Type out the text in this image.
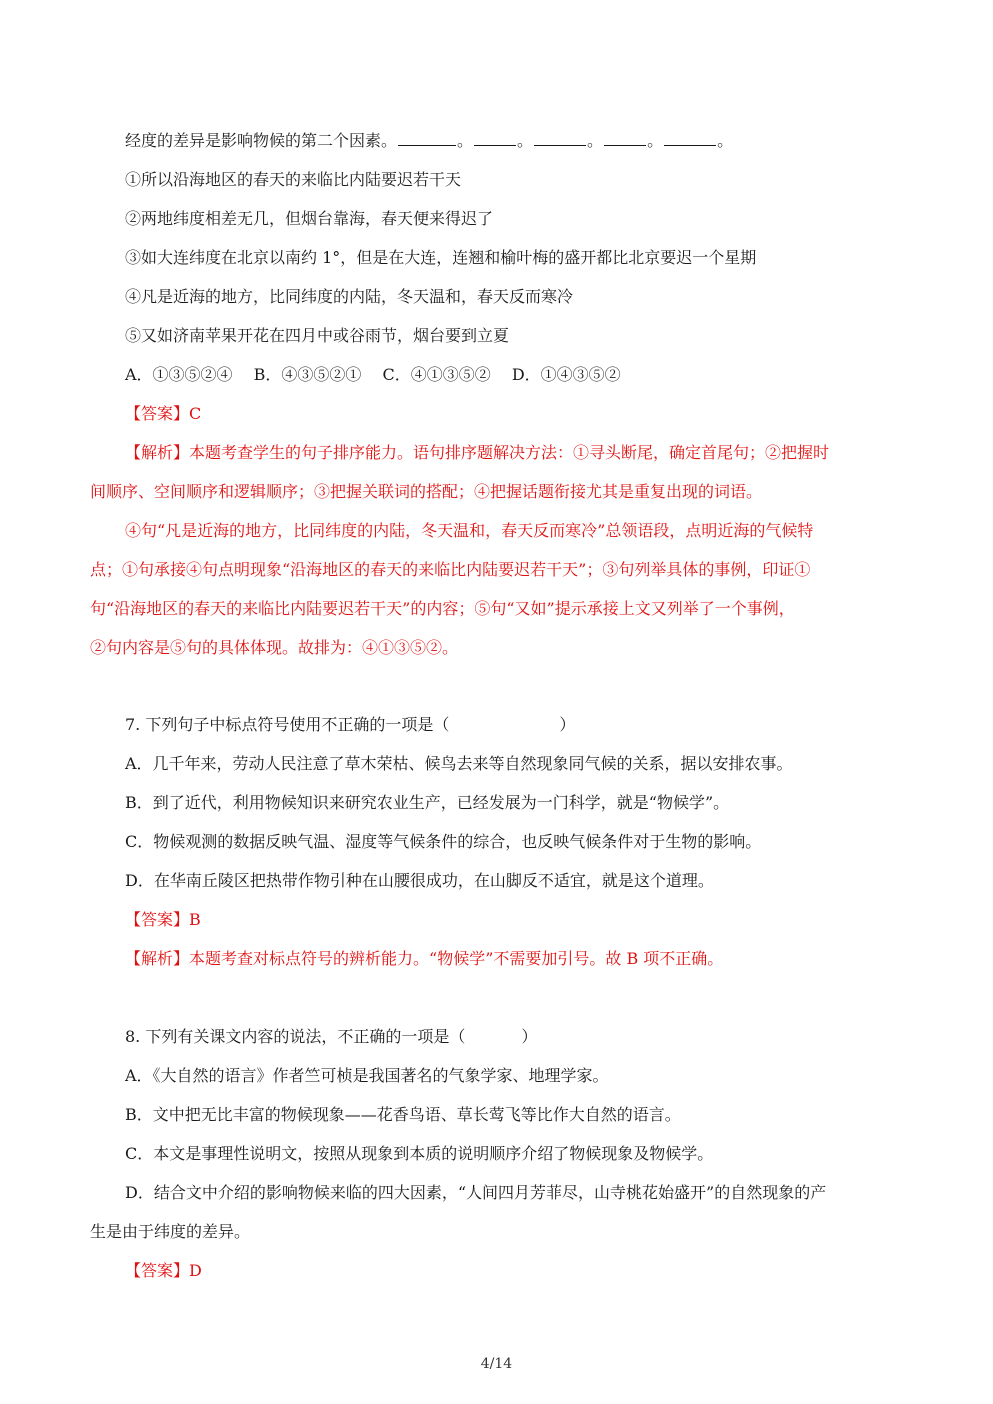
经度的差异是影响物候的第二个因素。	。	。	。	。	。
①所以沿海地区的春天的来临比内陆要迟若干天
②两地纬度相差无几，但烟台靠海，春天便来得迟了
③如大连纬度在北京以南约 1°，但是在大连，连翘和榆叶梅的盛开都比北京要迟一个星期
④凡是近海的地方，比同纬度的内陆，冬天温和，春天反而寒冷
⑤又如济南苹果开花在四月中或谷雨节，烟台要到立夏
A．①③⑤②④　 B．④③⑤②①　 C．④①③⑤②　 D．①④③⑤②
【答案】C
【解析】本题考查学生的句子排序能力。语句排序题解决方法：①寻头断尾，确定首尾句；②把握时
间顺序、空间顺序和逻辑顺序；③把握关联词的搭配；④把握话题衔接尤其是重复出现的词语。
④句“凡是近海的地方，比同纬度的内陆，冬天温和，春天反而寒冷”总领语段，点明近海的气候特
点；①句承接④句点明现象“沿海地区的春天的来临比内陆要迟若干天”；③句列举具体的事例，印证①
句“沿海地区的春天的来临比内陆要迟若干天”的内容；⑤句“又如”提示承接上文又列举了一个事例，
②句内容是⑤句的具体体现。故排为：④①③⑤②。
7. 下列句子中标点符号使用不正确的一项是（	）
A．几千年来，劳动人民注意了草木荣枯、候鸟去来等自然现象同气候的关系，据以安排农事。
B．到了近代，利用物候知识来研究农业生产，已经发展为一门科学，就是“物候学”。
C．物候观测的数据反映气温、湿度等气候条件的综合，也反映气候条件对于生物的影响。
D．在华南丘陵区把热带作物引种在山腰很成功，在山脚反不适宜，就是这个道理。
【答案】B
【解析】本题考查对标点符号的辨析能力。“物候学”不需要加引号。故 B 项不正确。
8. 下列有关课文内容的说法，不正确的一项是（	）
A．《大自然的语言》作者竺可桢是我国著名的气象学家、地理学家。
B．文中把无比丰富的物候现象——花香鸟语、草长莺飞等比作大自然的语言。
C．本文是事理性说明文，按照从现象到本质的说明顺序介绍了物候现象及物候学。
D．结合文中介绍的影响物候来临的四大因素，“人间四月芳菲尽，山寺桃花始盛开”的自然现象的产
生是由于纬度的差异。
【答案】D
4/14
